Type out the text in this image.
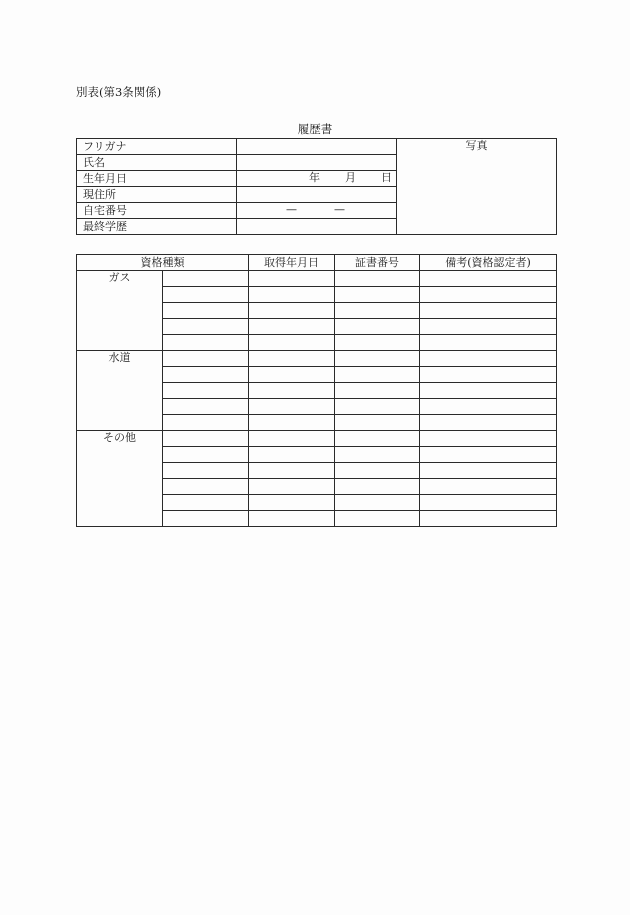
別表(第3条関係)
履歴書
フリガナ		写真
氏名		
生年月日	年 月 日	

現住所		
自宅番号	— —	

最終学歴		
資格種類		取得年月日	証書番号	備考(資格認定者)
ガス				

水道				

その他				
